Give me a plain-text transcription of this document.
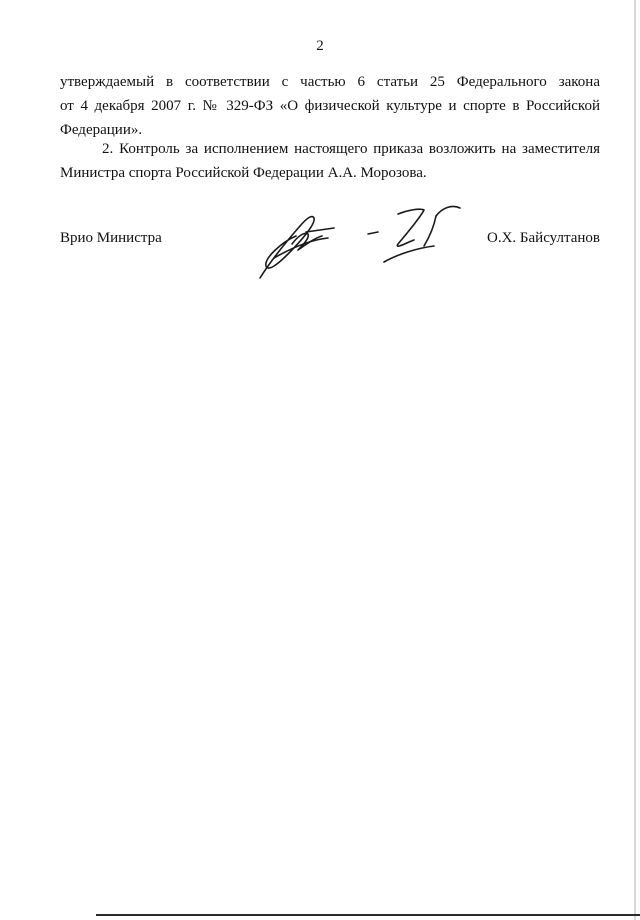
2

утверждаемый в соответствии с частью 6 статьи 25 Федерального закона
от 4 декабря 2007 г. № 329-ФЗ «О физической культуре и спорте в Российской
Федерации».

2. Контроль за исполнением настоящего приказа возложить на заместителя
Министра спорта Российской Федерации А.А. Морозова.

Врио Министра	О.Х. Байсултанов
